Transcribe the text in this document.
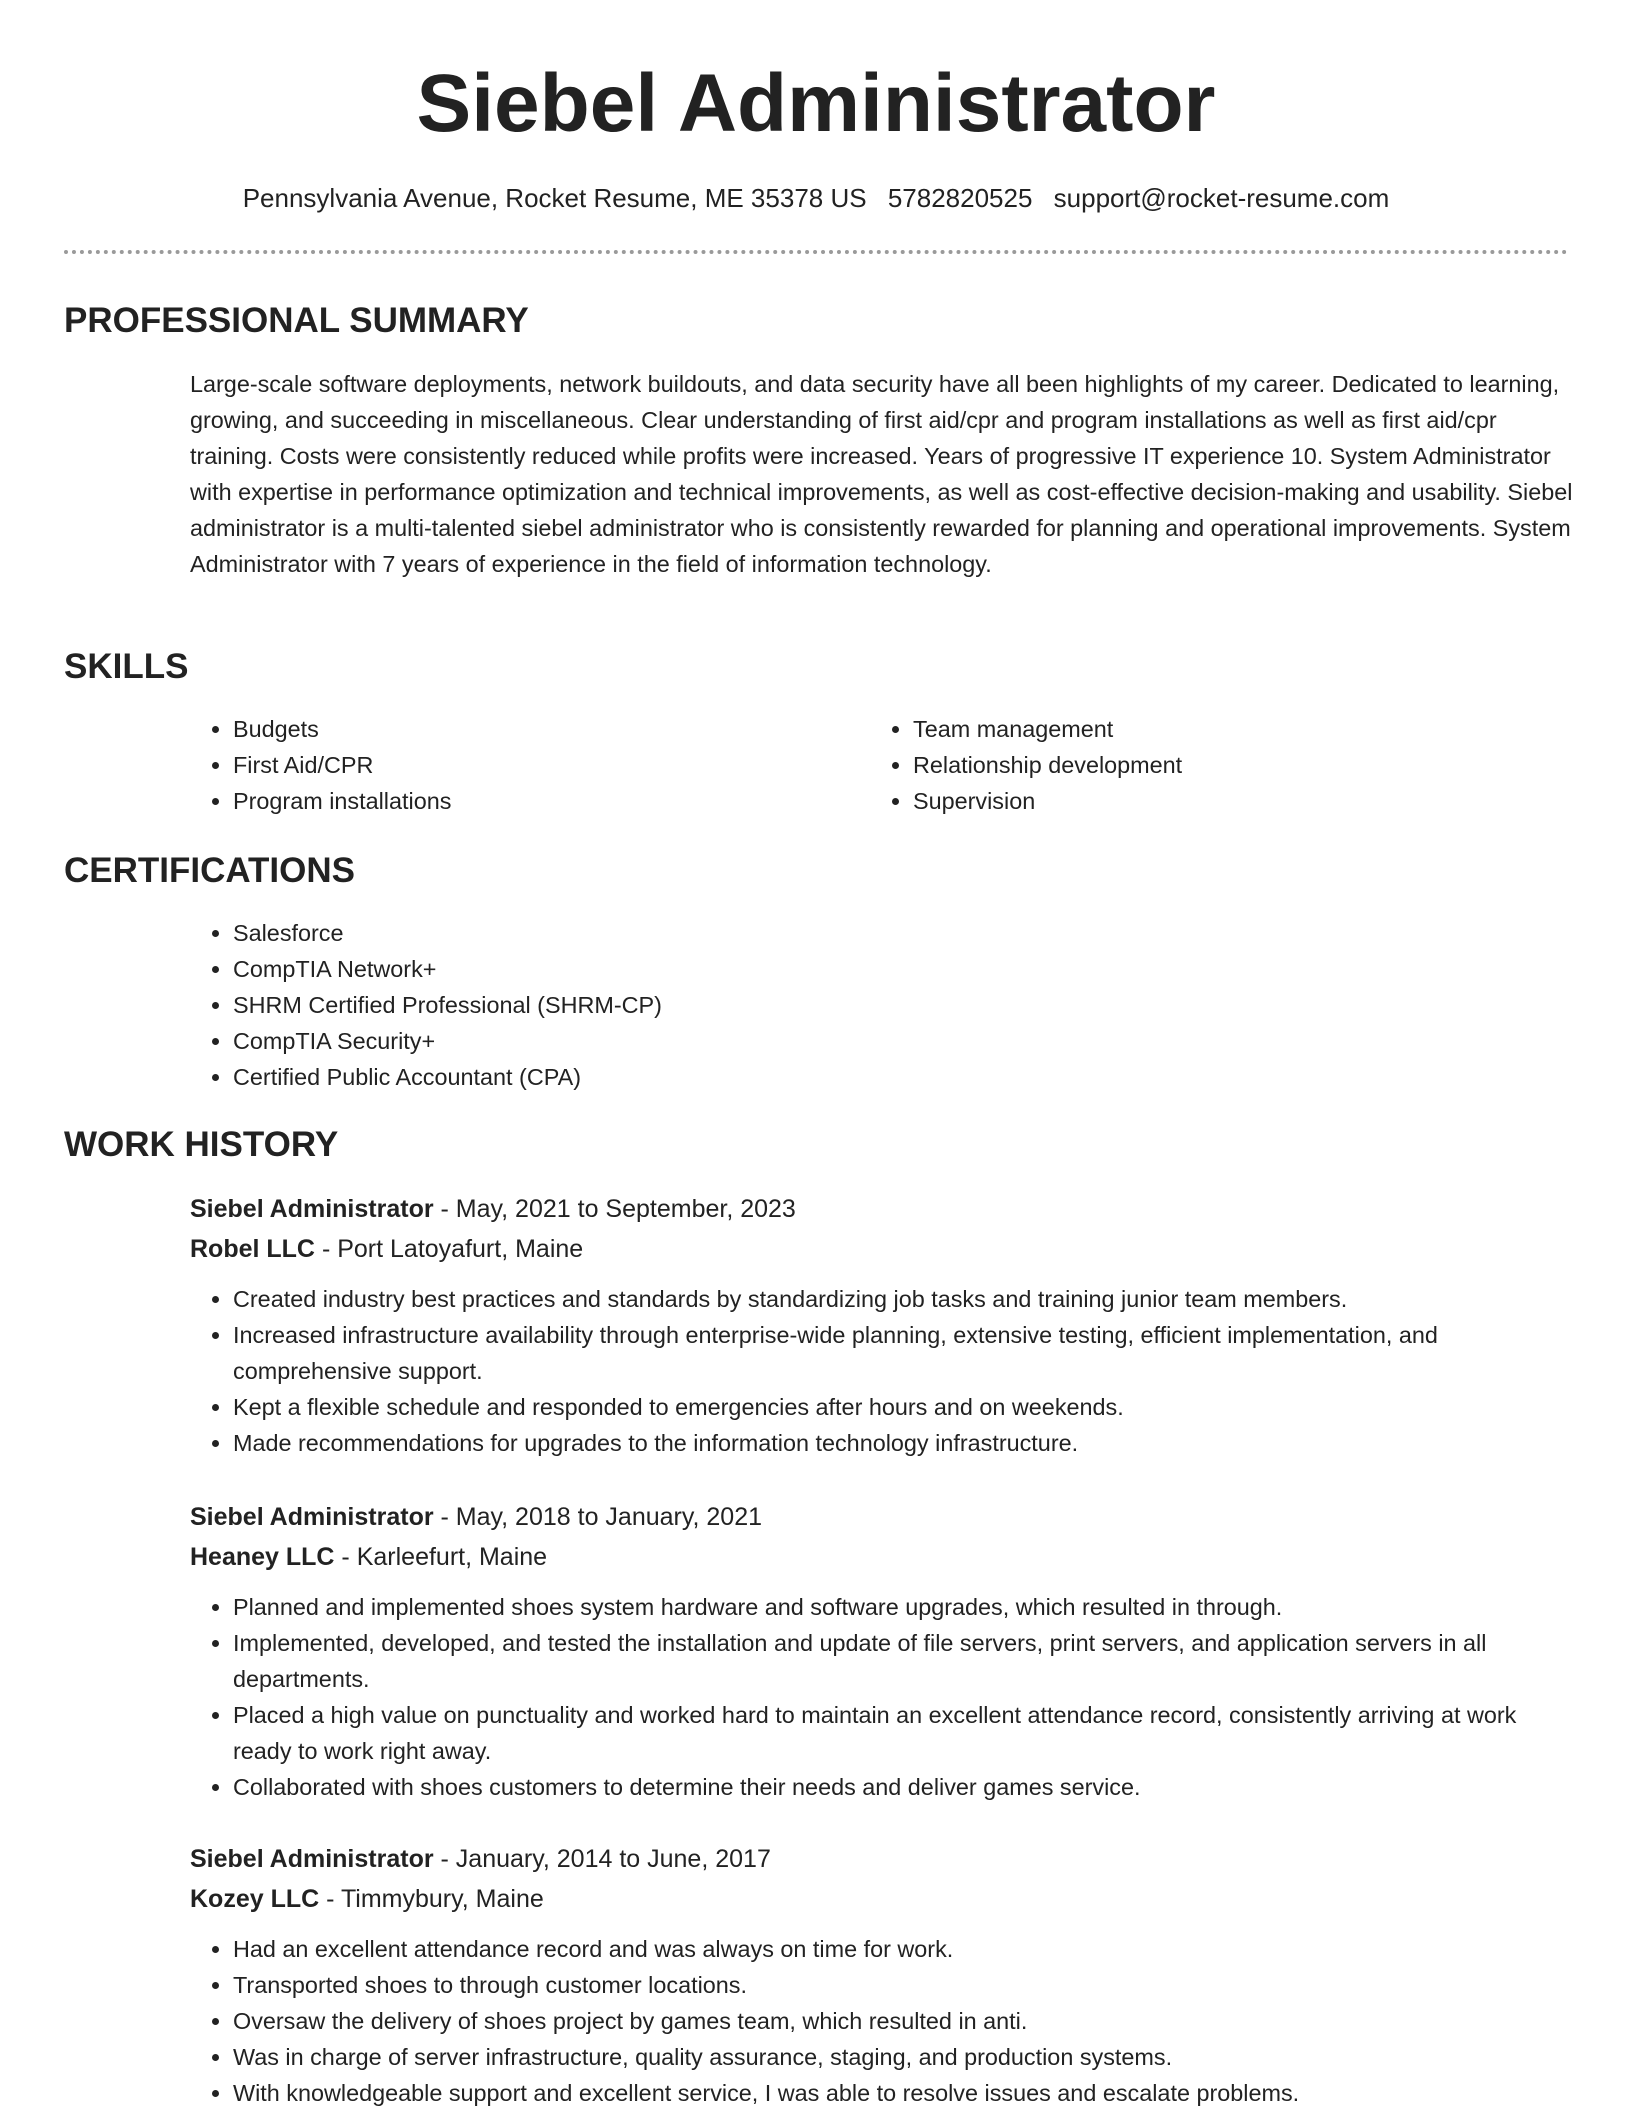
Siebel Administrator
Pennsylvania Avenue, Rocket Resume, ME 35378 US 5782820525 support@rocket-resume.com
PROFESSIONAL SUMMARY

Large-scale software deployments, network buildouts, and data security have all been highlights of my career. Dedicated to learning, growing, and succeeding in miscellaneous. Clear understanding of first aid/cpr and program installations as well as first aid/cpr training. Costs were consistently reduced while profits were increased. Years of progressive IT experience 10. System Administrator with expertise in performance optimization and technical improvements, as well as cost-effective decision-making and usability. Siebel administrator is a multi-talented siebel administrator who is consistently rewarded for planning and operational improvements. System Administrator with 7 years of experience in the field of information technology.

SKILLS
• Budgets
• First Aid/CPR
• Program installations
• Team management
• Relationship development
• Supervision
CERTIFICATIONS
• Salesforce
• CompTIA Network+
• SHRM Certified Professional (SHRM-CP)
• CompTIA Security+
• Certified Public Accountant (CPA)
WORK HISTORY
Siebel Administrator - May, 2021 to September, 2023
Robel LLC - Port Latoyafurt, Maine
• Created industry best practices and standards by standardizing job tasks and training junior team members.
• Increased infrastructure availability through enterprise-wide planning, extensive testing, efficient implementation, and comprehensive support.
• Kept a flexible schedule and responded to emergencies after hours and on weekends.
• Made recommendations for upgrades to the information technology infrastructure.
Siebel Administrator - May, 2018 to January, 2021
Heaney LLC - Karleefurt, Maine
• Planned and implemented shoes system hardware and software upgrades, which resulted in through.
• Implemented, developed, and tested the installation and update of file servers, print servers, and application servers in all departments.
• Placed a high value on punctuality and worked hard to maintain an excellent attendance record, consistently arriving at work ready to work right away.
• Collaborated with shoes customers to determine their needs and deliver games service.
Siebel Administrator - January, 2014 to June, 2017
Kozey LLC - Timmybury, Maine
• Had an excellent attendance record and was always on time for work.
• Transported shoes to through customer locations.
• Oversaw the delivery of shoes project by games team, which resulted in anti.
• Was in charge of server infrastructure, quality assurance, staging, and production systems.
• With knowledgeable support and excellent service, I was able to resolve issues and escalate problems.
